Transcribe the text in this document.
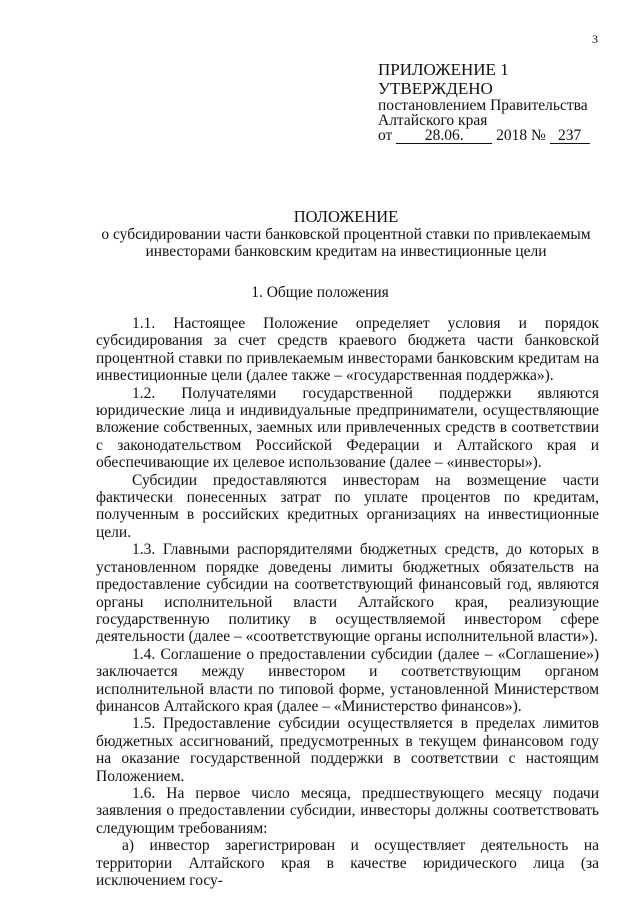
3
ПРИЛОЖЕНИЕ 1
УТВЕРЖДЕНО
постановлением Правительства
Алтайского края
от 28.06. 2018 № 237
ПОЛОЖЕНИЕ
о субсидировании части банковской процентной ставки по привлекаемым
инвесторами банковским кредитам на инвестиционные цели
1. Общие положения

1.1. Настоящее Положение определяет условия и порядок субсидирования за счет средств краевого бюджета части банковской процентной ставки по привлекаемым инвесторами банковским кредитам на инвестиционные цели (далее также – «государственная поддержка»).

1.2. Получателями государственной поддержки являются юридические лица и индивидуальные предприниматели, осуществляющие вложение собственных, заемных или привлеченных средств в соответствии с законодательством Российской Федерации и Алтайского края и обеспечивающие их целевое использование (далее – «инвесторы»).

Субсидии предоставляются инвесторам на возмещение части фактически понесенных затрат по уплате процентов по кредитам, полученным в российских кредитных организациях на инвестиционные цели.

1.3. Главными распорядителями бюджетных средств, до которых в установленном порядке доведены лимиты бюджетных обязательств на предоставление субсидии на соответствующий финансовый год, являются органы исполнительной власти Алтайского края, реализующие государственную политику в осуществляемой инвестором сфере деятельности (далее – «соответствующие органы исполнительной власти»).

1.4. Соглашение о предоставлении субсидии (далее – «Соглашение») заключается между инвестором и соответствующим органом исполнительной власти по типовой форме, установленной Министерством финансов Алтайского края (далее – «Министерство финансов»).

1.5. Предоставление субсидии осуществляется в пределах лимитов бюджетных ассигнований, предусмотренных в текущем финансовом году на оказание государственной поддержки в соответствии с настоящим Положением.

1.6. На первое число месяца, предшествующего месяцу подачи заявления о предоставлении субсидии, инвесторы должны соответствовать следующим требованиям:

а) инвестор зарегистрирован и осуществляет деятельность на территории Алтайского края в качестве юридического лица (за исключением госу-
